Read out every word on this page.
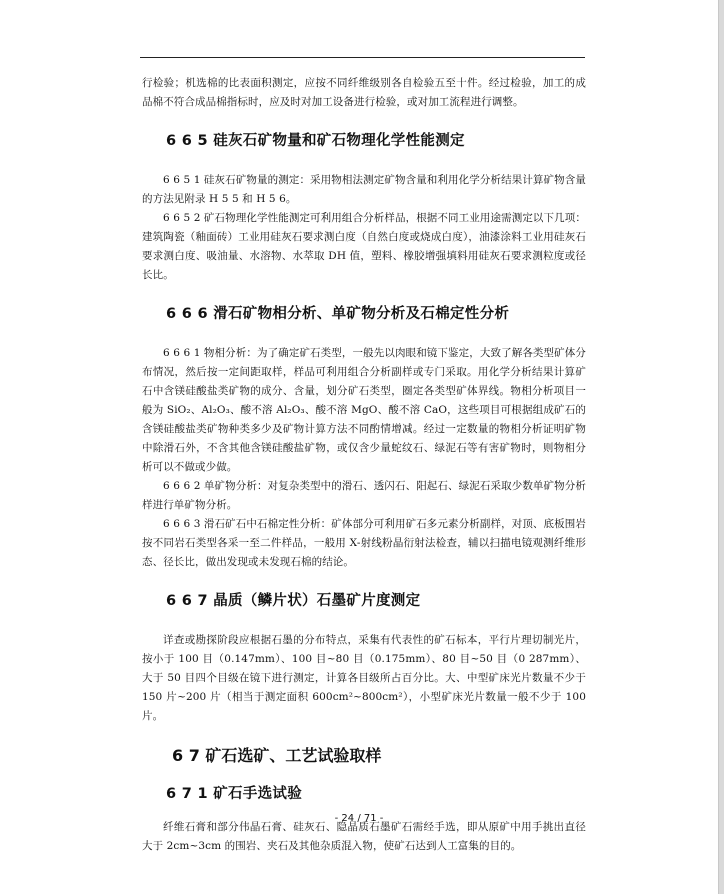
行检验；机选棉的比表面积测定，应按不同纤维级别各自检验五至十件。经过检验，加工的成品棉不符合成品棉指标时，应及时对加工设备进行检验，或对加工流程进行调整。

6 6 5 硅灰石矿物量和矿石物理化学性能测定

6 6 5 1 硅灰石矿物量的测定：采用物相法测定矿物含量和利用化学分析结果计算矿物含量的方法见附录 H 5 5 和 H 5 6。

6 6 5 2 矿石物理化学性能测定可利用组合分析样品，根据不同工业用途需测定以下几项：建筑陶瓷（釉面砖）工业用硅灰石要求测白度（自然白度或烧成白度），油漆涂料工业用硅灰石要求测白度、吸油量、水溶物、水萃取 DH 值，塑料、橡胶增强填料用硅灰石要求测粒度或径长比。

6 6 6 滑石矿物相分析、单矿物分析及石棉定性分析

6 6 6 1 物相分析：为了确定矿石类型，一般先以肉眼和镜下鉴定，大致了解各类型矿体分布情况，然后按一定间距取样，样品可利用组合分析副样或专门采取。用化学分析结果计算矿石中含镁硅酸盐类矿物的成分、含量，划分矿石类型，圈定各类型矿体界线。物相分析项目一般为 SiO₂、Al₂O₃、酸不溶 Al₂O₃、酸不溶 MgO、酸不溶 CaO，这些项目可根据组成矿石的含镁硅酸盐类矿物种类多少及矿物计算方法不同酌情增减。经过一定数量的物相分析证明矿物中除滑石外，不含其他含镁硅酸盐矿物，或仅含少量蛇纹石、绿泥石等有害矿物时，则物相分析可以不做或少做。

6 6 6 2 单矿物分析：对复杂类型中的滑石、透闪石、阳起石、绿泥石采取少数单矿物分析样进行单矿物分析。

6 6 6 3 滑石矿石中石棉定性分析：矿体部分可利用矿石多元素分析副样，对顶、底板围岩按不同岩石类型各采一至二件样品，一般用 X-射线粉晶衍射法检查，辅以扫描电镜观测纤维形态、径长比，做出发现或未发现石棉的结论。

6 6 7 晶质（鳞片状）石墨矿片度测定

详查或勘探阶段应根据石墨的分布特点，采集有代表性的矿石标本，平行片理切制光片，按小于 100 目（0.147mm）、100 目~80 目（0.175mm）、80 目~50 目（0 287mm）、大于 50 目四个目级在镜下进行测定，计算各目级所占百分比。大、中型矿床光片数量不少于 150 片~200 片（相当于测定面积 600cm²~800cm²），小型矿床光片数量一般不少于 100 片。

6 7 矿石选矿、工艺试验取样
6 7 1 矿石手选试验

纤维石膏和部分伟晶石膏、硅灰石、隐晶质石墨矿石需经手选，即从原矿中用手挑出直径大于 2cm~3cm 的围岩、夹石及其他杂质混入物，使矿石达到人工富集的目的。

- 24 / 71 -
